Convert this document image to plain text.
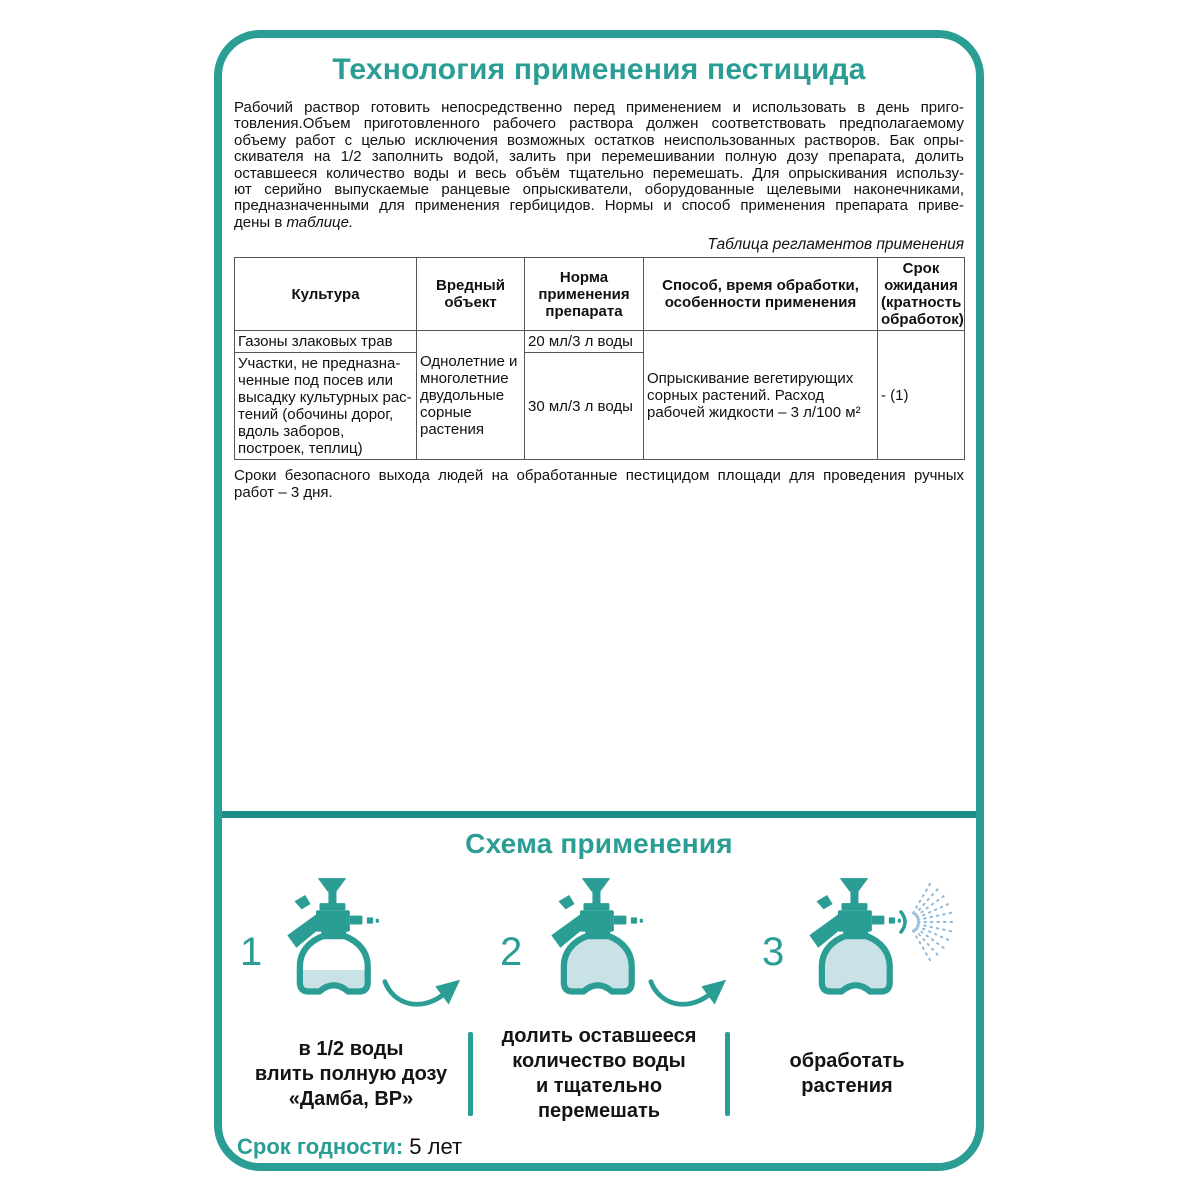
Технология применения пестицида
Рабочий раствор готовить непосредственно перед применением и использовать в день приго-
товления.Объем приготовленного рабочего раствора должен соответствовать предполагаемому
объему работ с целью исключения возможных остатков неиспользованных растворов. Бак опры-
скивателя на 1/2 заполнить водой, залить при перемешивании полную дозу препарата, долить
оставшееся количество воды и весь объём тщательно перемешать. Для опрыскивания использу-
ют серийно выпускаемые ранцевые опрыскиватели, оборудованные щелевыми наконечниками,
предназначенными для применения гербицидов. Нормы и способ применения препарата приве-
дены в таблице.
Таблица регламентов применения
Культура	Вредный объект	Норма применения препарата	Способ, время обработки, особенности применения	Срок ожидания (кратность обработок)
Газоны злаковых трав	Однолетние и многолетние двудольные сорные растения	20 мл/3 л воды	Опрыскивание вегетирующих сорных растений. Расход рабочей жидкости – 3 л/100 м²	- (1)
Участки, не предназна-ченные под посев или высадку культурных рас- тений (обочины дорог, вдоль заборов, построек, теплиц)		30 мл/3 л воды		
Сроки безопасного выхода людей на обработанные пестицидом площади для проведения ручных
работ – 3 дня.
Схема применения
1	2	3
в 1/2 воды
влить полную дозу
«Дамба, ВР»
долить оставшееся
количество воды
и тщательно
перемешать
обработать
растения
Срок годности: 5 лет
